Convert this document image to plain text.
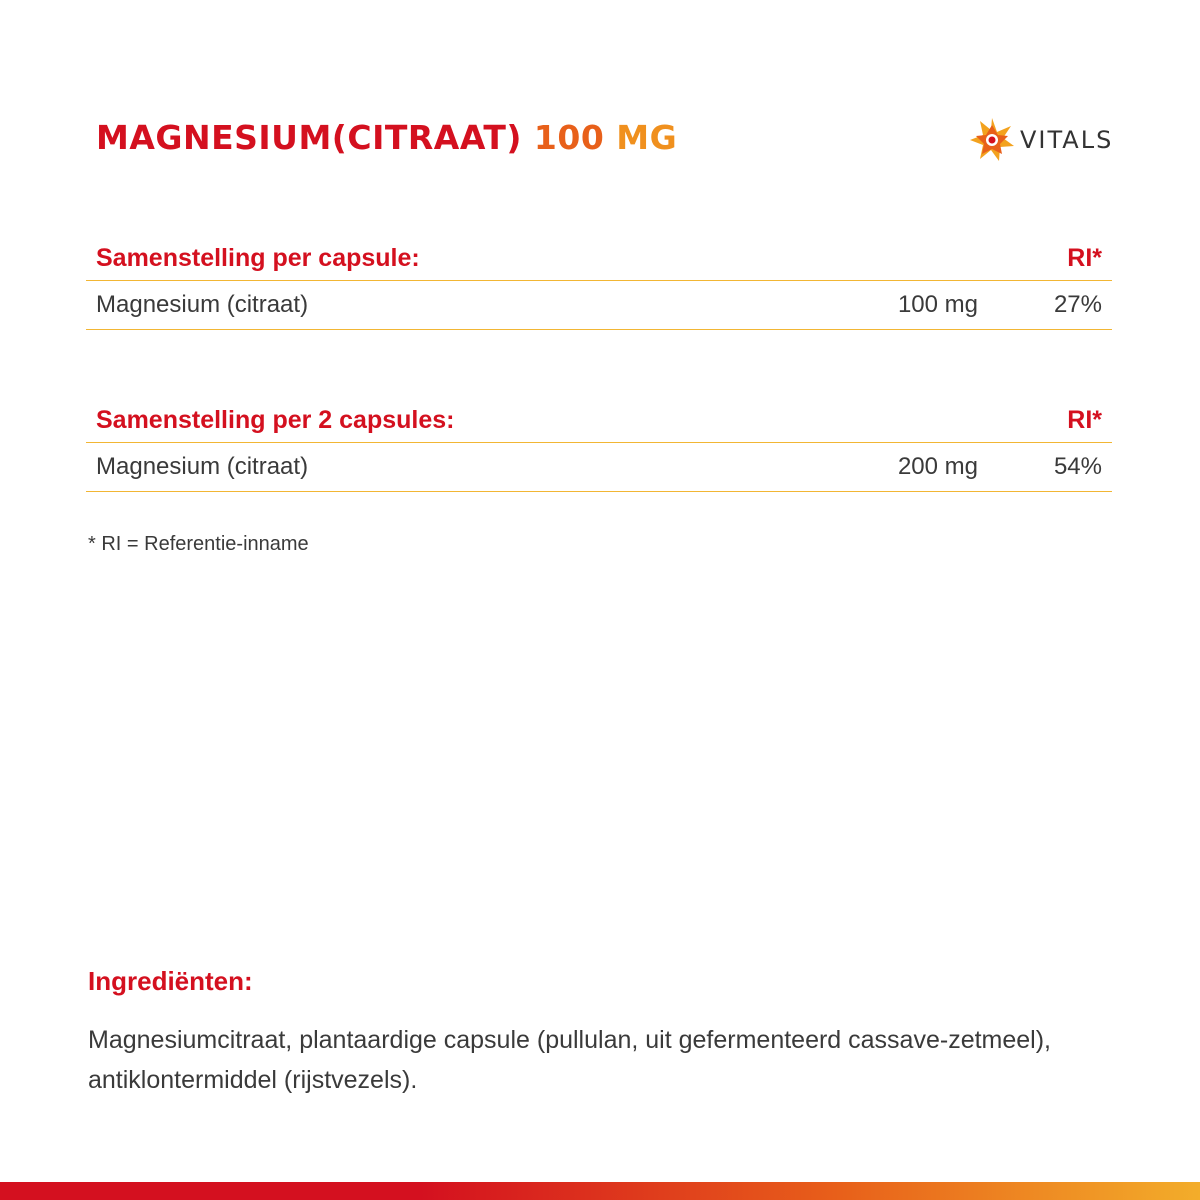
MAGNESIUM(CITRAAT) 100 MG	VITALS
Samenstelling per capsule:	RI*
Magnesium (citraat)	100 mg	27%
Samenstelling per 2 capsules:	RI*
Magnesium (citraat)	200 mg	54%
* RI = Referentie-inname
Ingrediënten:
Magnesiumcitraat, plantaardige capsule (pullulan, uit gefermenteerd cassave-zetmeel), antiklontermiddel (rijstvezels).
